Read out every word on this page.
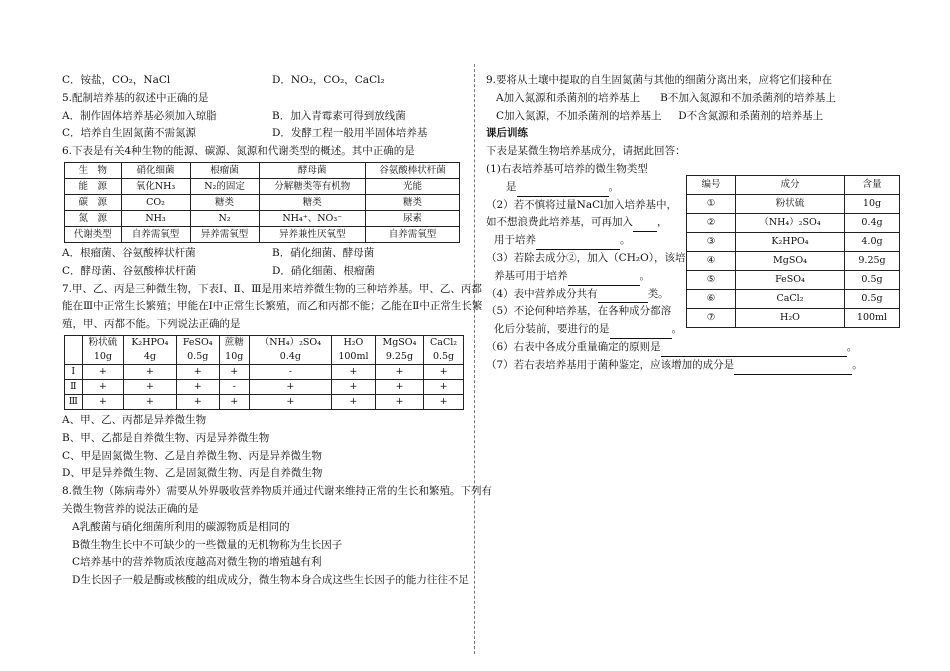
C．铵盐，CO₂，NaCl	D．NO₂，CO₂，CaCl₂
5.配制培养基的叙述中正确的是
A．制作固体培养基必须加入琼脂	B．加入青霉素可得到放线菌
C．培养自生固氮菌不需氮源	D．发酵工程一般用半固体培养基
6.下表是有关4种生物的能源、碳源、氮源和代谢类型的概述。其中正确的是
生　物	硝化细菌	根瘤菌	酵母菌	谷氨酸棒状杆菌
能　源	氧化NH₃	N₂的固定	分解糖类等有机物	光能
碳　源	CO₂	糖类	糖类	糖类
氮　源	NH₃	N₂	NH₄⁺、NO₃⁻	尿素
代谢类型	自养需氧型	异养需氧型	异养兼性厌氧型	自养需氧型
A．根瘤菌、谷氨酸棒状杆菌	B．硝化细菌、酵母菌
C．酵母菌、谷氨酸棒状杆菌	D．硝化细菌、根瘤菌
7.甲、乙、丙是三种微生物，下表Ⅰ、Ⅱ、Ⅲ是用来培养微生物的三种培养基。甲、乙、丙都
能在Ⅲ中正常生长繁殖；甲能在Ⅰ中正常生长繁殖，而乙和丙都不能；乙能在Ⅱ中正常生长繁
殖，甲、丙都不能。下列说法正确的是
	粉状硫	K₂HPO₄	FeSO₄	蔗糖	（NH₄）₂SO₄	H₂O	MgSO₄	CaCl₂
	10g	4g	0.5g	10g	0.4g	100ml	9.25g	0.5g
Ⅰ	+	+	+	+	-	+	+	+
Ⅱ	+	+	+	-	+	+	+	+
Ⅲ	+	+	+	+	+	+	+	+
A、甲、乙、丙都是异养微生物
B、甲、乙都是自养微生物、丙是异养微生物
C、甲是固氮微生物、乙是自养微生物、丙是异养微生物
D、甲是异养微生物、乙是固氮微生物、丙是自养微生物
8.微生物（陈病毒外）需要从外界吸收营养物质并通过代谢来维持正常的生长和繁殖。下列有
关微生物营养的说法正确的是
A乳酸菌与硝化细菌所利用的碳源物质是相同的
B微生物生长中不可缺少的一些微量的无机物称为生长因子
C培养基中的营养物质浓度越高对微生物的增殖越有利
D生长因子一般是酶或核酸的组成成分，微生物本身合成这些生长因子的能力往往不足
9.要将从土壤中提取的自生固氮菌与其他的细菌分离出来，应将它们接种在
A加入氮源和杀菌剂的培养基上 B不加入氮源和不加杀菌剂的培养基上
C加入氮源，不加杀菌剂的培养基上 D不含氮源和杀菌剂的培养基上
课后训练
下表是某微生物培养基成分，请据此回答：
(1)右表培养基可培养的微生物类型
是	。
（2）若不慎将过量NaCl加入培养基中，
如不想浪费此培养基，可再加入 ，
用于培养	。
（3）若除去成分②，加入（CH₂O），该培
养基可用于培养	。
（4）表中营养成分共有	类。
（5）不论何种培养基，在各种成分都溶
化后分装前，要进行的是	。
（6）右表中各成分重量确定的原则是	。
（7）若右表培养基用于菌种鉴定，应该增加的成分是	。
编号	成分	含量
①	粉状硫	10g
②	（NH₄）₂SO₄	0.4g
③	K₂HPO₄	4.0g
④	MgSO₄	9.25g
⑤	FeSO₄	0.5g
⑥	CaCl₂	0.5g
⑦	H₂O	100ml
